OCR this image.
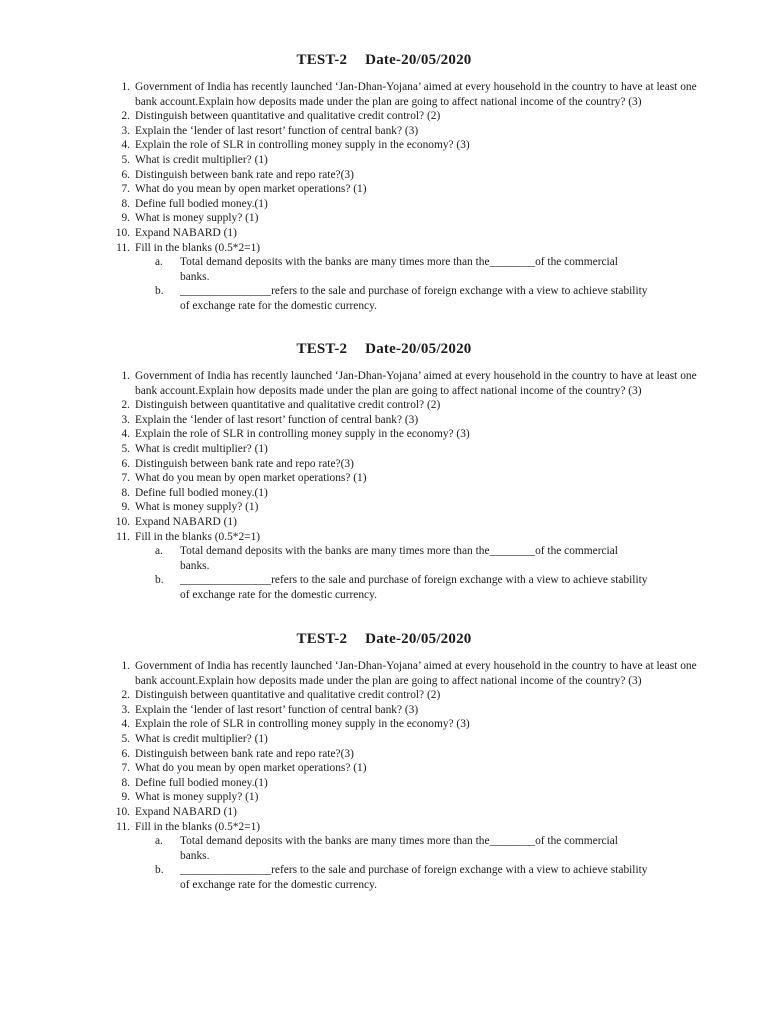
TEST-2 Date-20/05/2020
1. Government of India has recently launched ‘Jan-Dhan-Yojana’ aimed at every household in the country to have at least one bank account.Explain how deposits made under the plan are going to affect national income of the country? (3)
2. Distinguish between quantitative and qualitative credit control? (2)
3. Explain the ‘lender of last resort’ function of central bank? (3)
4. Explain the role of SLR in controlling money supply in the economy? (3)
5. What is credit multiplier? (1)
6. Distinguish between bank rate and repo rate?(3)
7. What do you mean by open market operations? (1)
8. Define full bodied money.(1)
9. What is money supply? (1)
10. Expand NABARD (1)
11. Fill in the blanks (0.5*2=1)
a.	Total demand deposits with the banks are many times more than the________of the commercial banks.
b.	________________refers to the sale and purchase of foreign exchange with a view to achieve stability of exchange rate for the domestic currency.
TEST-2 Date-20/05/2020
1. Government of India has recently launched ‘Jan-Dhan-Yojana’ aimed at every household in the country to have at least one bank account.Explain how deposits made under the plan are going to affect national income of the country? (3)
2. Distinguish between quantitative and qualitative credit control? (2)
3. Explain the ‘lender of last resort’ function of central bank? (3)
4. Explain the role of SLR in controlling money supply in the economy? (3)
5. What is credit multiplier? (1)
6. Distinguish between bank rate and repo rate?(3)
7. What do you mean by open market operations? (1)
8. Define full bodied money.(1)
9. What is money supply? (1)
10. Expand NABARD (1)
11. Fill in the blanks (0.5*2=1)
a.	Total demand deposits with the banks are many times more than the________of the commercial banks.
b.	________________refers to the sale and purchase of foreign exchange with a view to achieve stability of exchange rate for the domestic currency.
TEST-2 Date-20/05/2020
1. Government of India has recently launched ‘Jan-Dhan-Yojana’ aimed at every household in the country to have at least one bank account.Explain how deposits made under the plan are going to affect national income of the country? (3)
2. Distinguish between quantitative and qualitative credit control? (2)
3. Explain the ‘lender of last resort’ function of central bank? (3)
4. Explain the role of SLR in controlling money supply in the economy? (3)
5. What is credit multiplier? (1)
6. Distinguish between bank rate and repo rate?(3)
7. What do you mean by open market operations? (1)
8. Define full bodied money.(1)
9. What is money supply? (1)
10. Expand NABARD (1)
11. Fill in the blanks (0.5*2=1)
a.	Total demand deposits with the banks are many times more than the________of the commercial banks.
b.	________________refers to the sale and purchase of foreign exchange with a view to achieve stability of exchange rate for the domestic currency.
